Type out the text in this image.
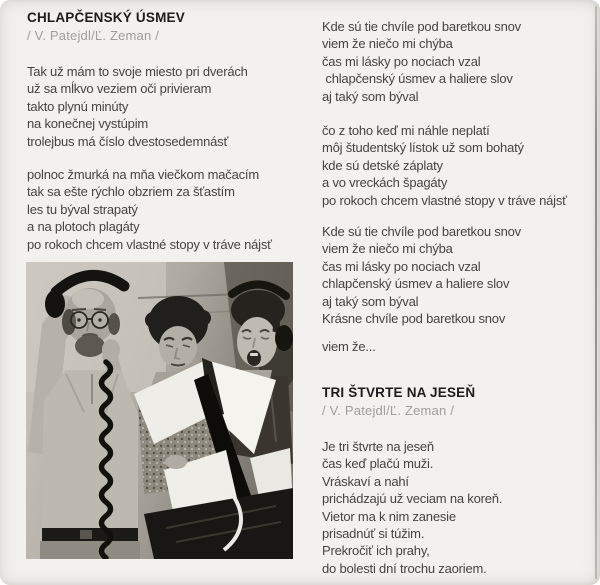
CHLAPČENSKÝ ÚSMEV
/ V. Patejdl/Ľ. Zeman /
Tak už mám to svoje miesto pri dverách
už sa mĺkvo veziem oči privieram
takto plynú minúty
na konečnej vystúpim
trolejbus má číslo dvestosedemnásť
polnoc žmurká na mňa viečkom mačacím
tak sa ešte rýchlo obzriem za šťastím
les tu býval strapatý
a na plotoch plagáty
po rokoch chcem vlastné stopy v tráve nájsť
Kde sú tie chvíle pod baretkou snov
viem že niečo mi chýba
čas mi lásky po nociach vzal
chlapčenský úsmev a haliere slov
aj taký som býval
čo z toho keď mi náhle neplatí
môj študentský lístok už som bohatý
kde sú detské záplaty
a vo vreckách špagáty
po rokoch chcem vlastné stopy v tráve nájsť
Kde sú tie chvíle pod baretkou snov
viem že niečo mi chýba
čas mi lásky po nociach vzal
chlapčenský úsmev a haliere slov
aj taký som býval
Krásne chvíle pod baretkou snov
viem že...
TRI ŠTVRTE NA JESEŇ
/ V. Patejdl/Ľ. Zeman /
Je tri štvrte na jeseň
čas keď plačú muži.
Vráskaví a nahí
prichádzajú už veciam na koreň.
Vietor ma k nim zanesie
prisadnúť si túžim.
Prekročiť ich prahy,
do bolesti dní trochu zaoriem.
